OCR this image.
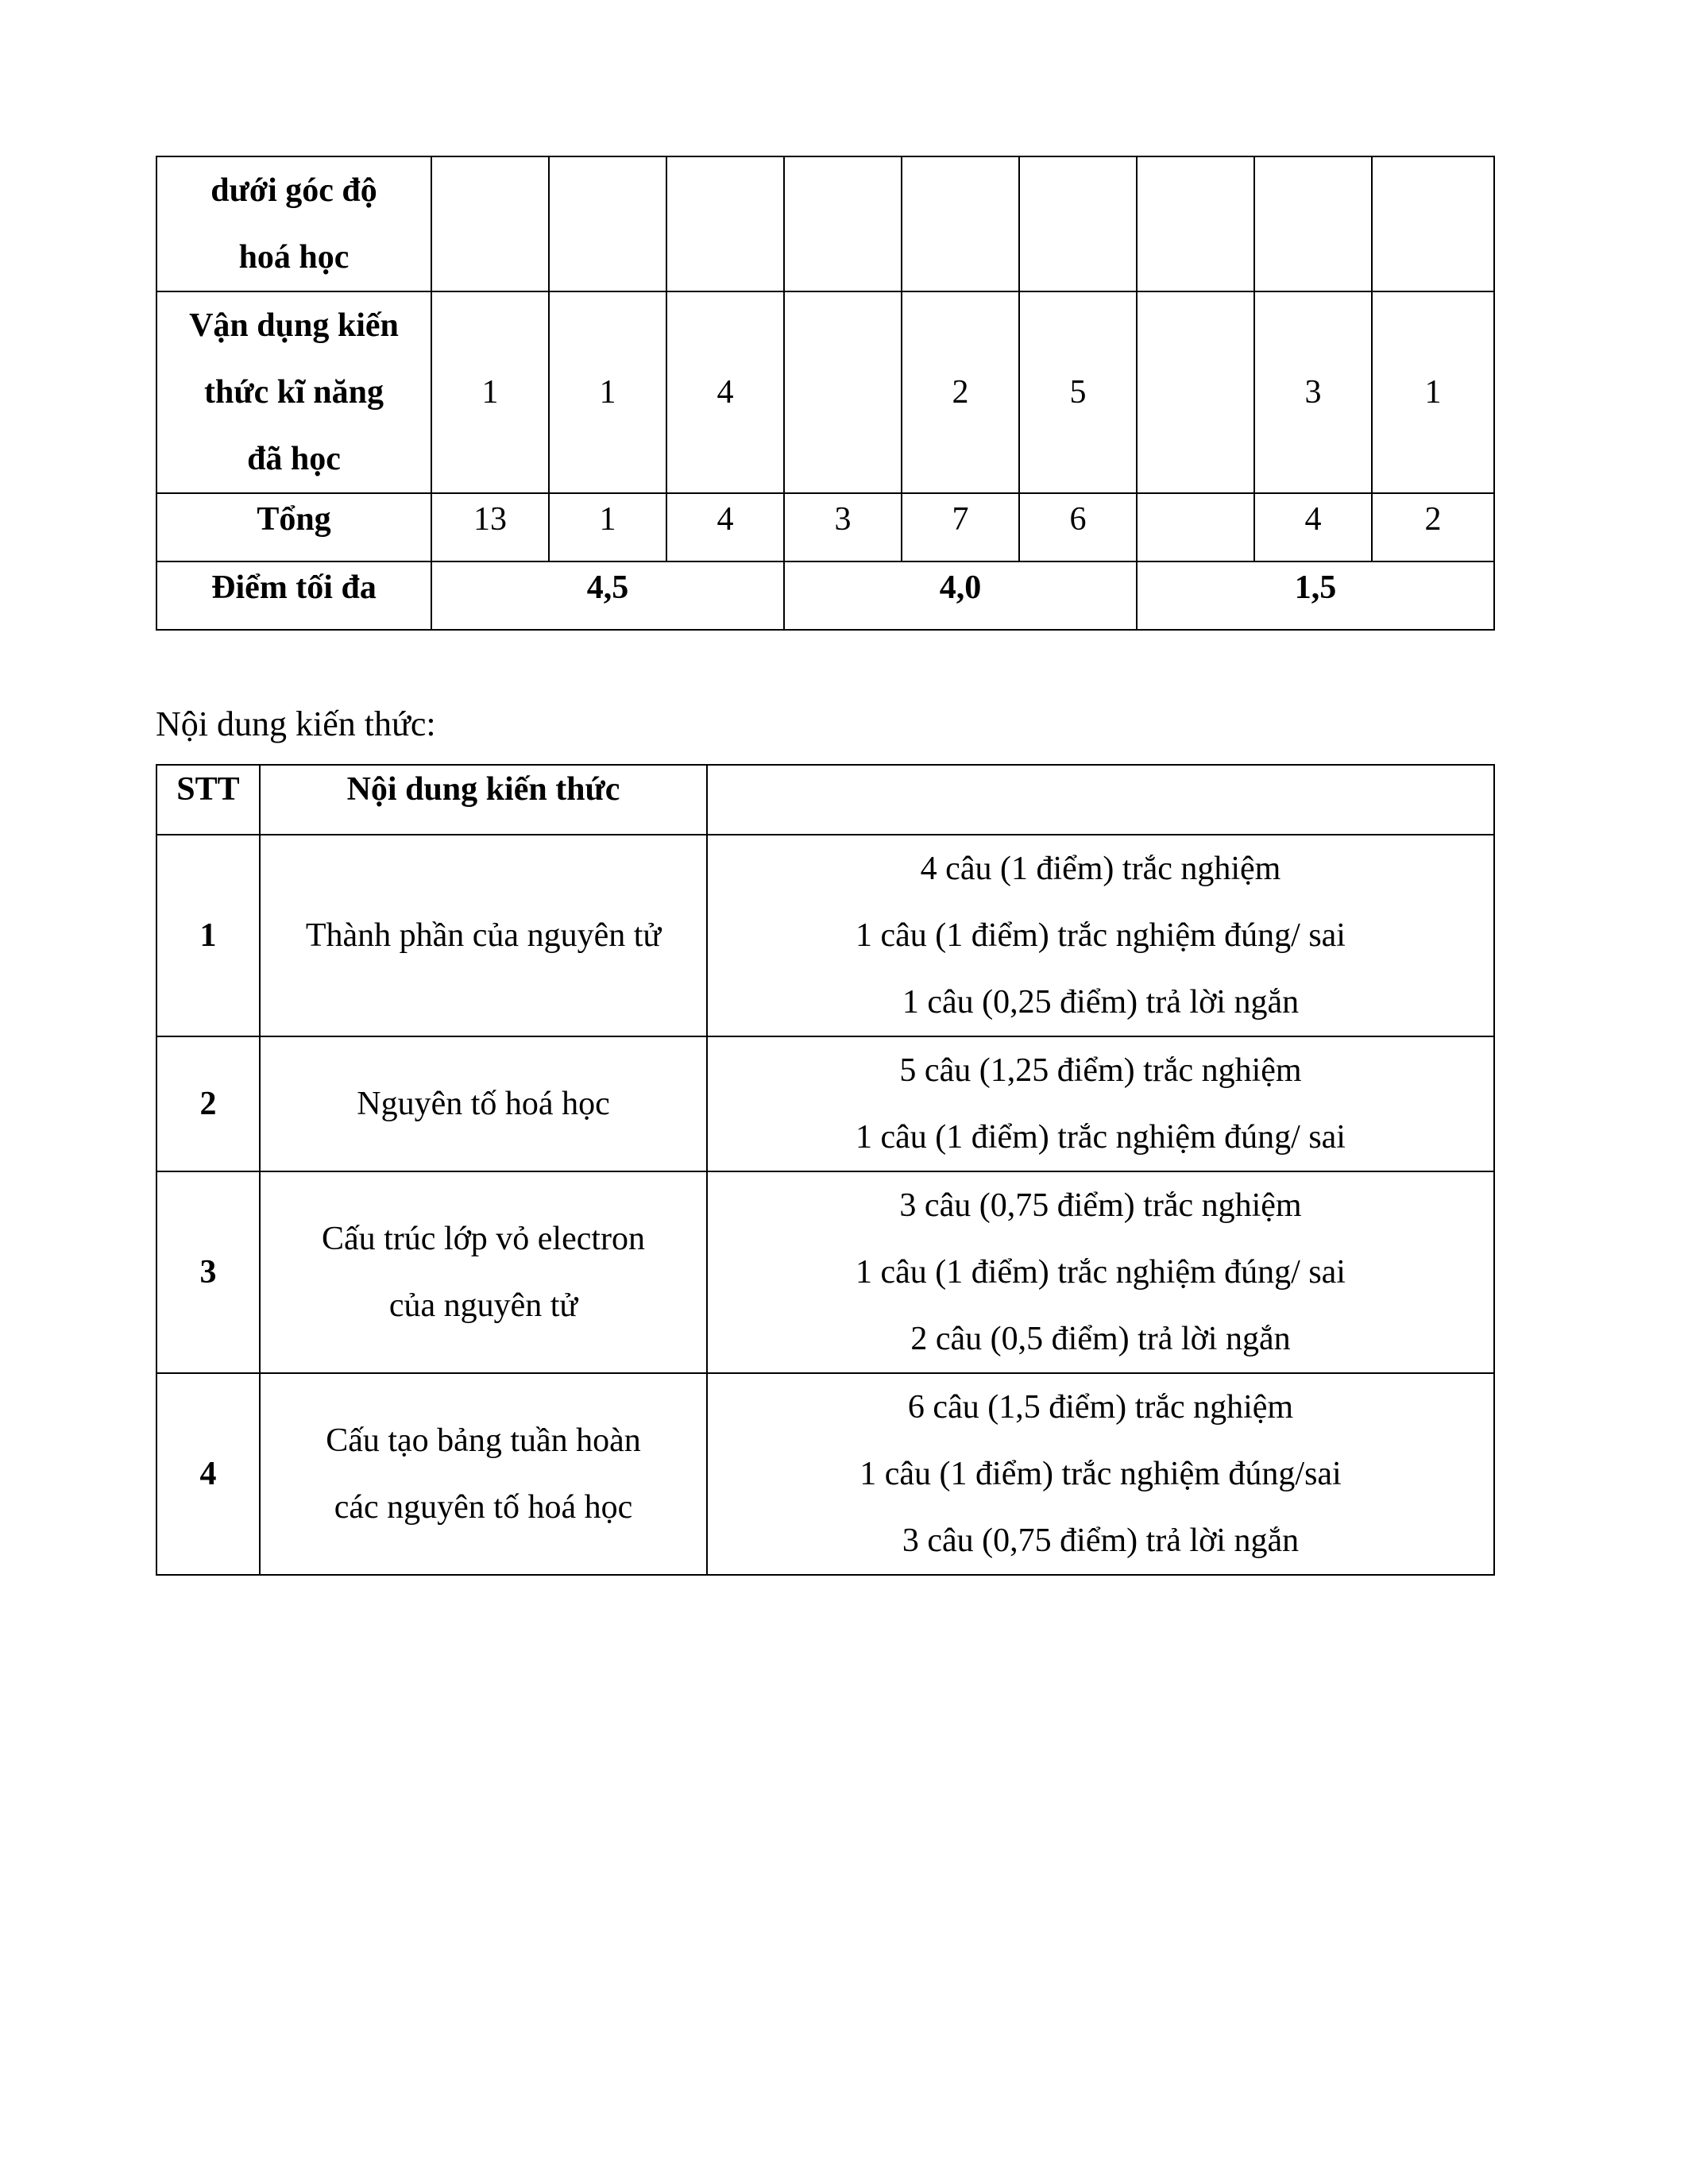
dưới góc độ
hoá học									

Vận dụng kiến
thức kĩ năng
đã học	1	1	4		2	5		3	1

Tổng	13	1	4	3	7	6		4	2
Điểm tối đa	4,5			4,0			1,5		
Nội dung kiến thức:
STT	Nội dung kiến thức	
1	Thành phần của nguyên tử	4 câu (1 điểm) trắc nghiệm
1 câu (1 điểm) trắc nghiệm đúng/ sai
1 câu (0,25 điểm) trả lời ngắn

2	Nguyên tố hoá học	5 câu (1,25 điểm) trắc nghiệm
1 câu (1 điểm) trắc nghiệm đúng/ sai

3	Cấu trúc lớp vỏ electron
của nguyên tử	3 câu (0,75 điểm) trắc nghiệm
1 câu (1 điểm) trắc nghiệm đúng/ sai
2 câu (0,5 điểm) trả lời ngắn

4	Cấu tạo bảng tuần hoàn
các nguyên tố hoá học	6 câu (1,5 điểm) trắc nghiệm
1 câu (1 điểm) trắc nghiệm đúng/sai
3 câu (0,75 điểm) trả lời ngắn
